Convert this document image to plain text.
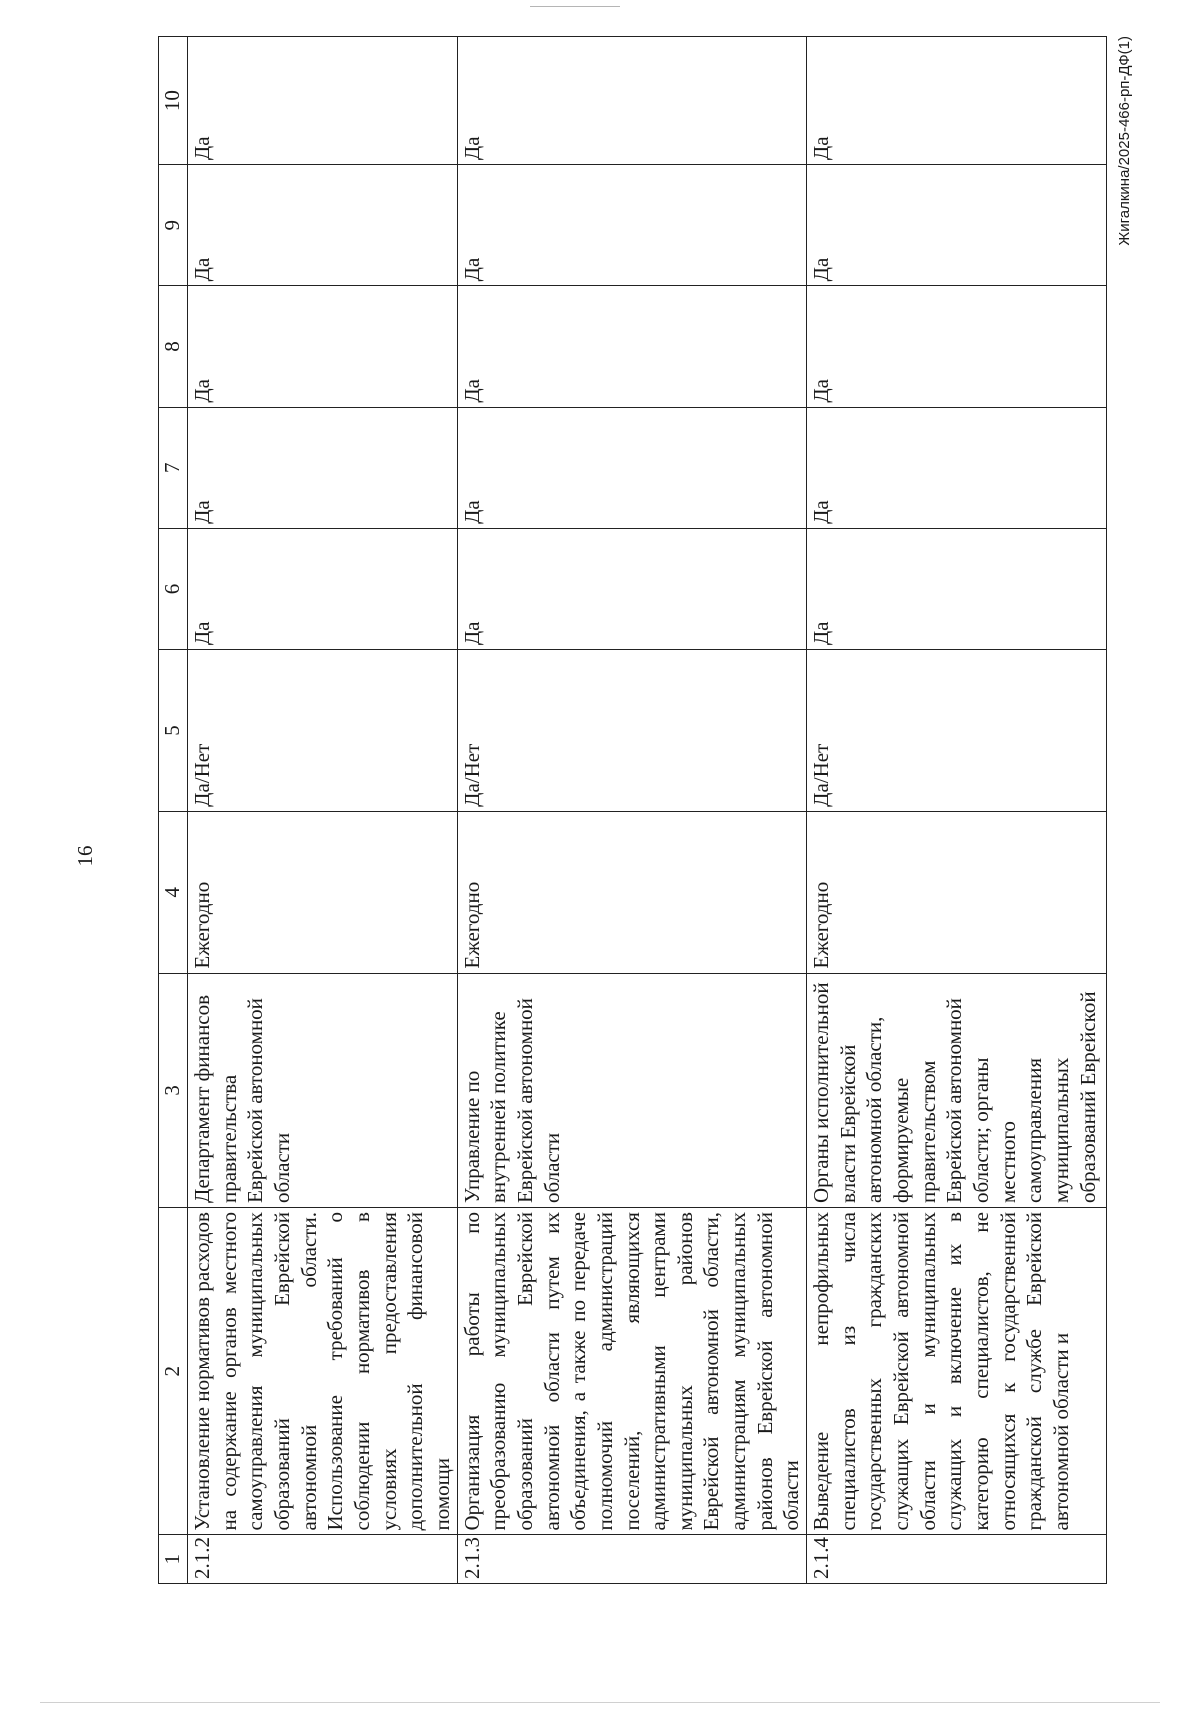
16
1	2	3	4	5	6	7	8	9	10
2.1.2	Установление нормативов расходов на содержание органов местного самоуправления муниципальных образований Еврейской автономной области. Использование требований о соблюдении нормативов в условиях предоставления дополнительной финансовой помощи	Департамент финансов правительства Еврейской автономной области	Ежегодно	Да/Нет	Да	Да	Да	Да	Да
2.1.3	Организация работы по преобразованию муниципальных образований Еврейской автономной области путем их объединения, а также по передаче полномочий администраций поселений, являющихся административными центрами муниципальных районов Еврейской автономной области, администрациям муниципальных районов Еврейской автономной области	Управление по внутренней политике Еврейской автономной области	Ежегодно	Да/Нет	Да	Да	Да	Да	Да
2.1.4	Выведение непрофильных специалистов из числа государственных гражданских служащих Еврейской автономной области и муниципальных служащих и включение их в категорию специалистов, не относящихся к государственной гражданской службе Еврейской автономной области и	Органы исполнительной власти Еврейской автономной области, формируемые правительством Еврейской автономной области; органы местного самоуправления муниципальных образований Еврейской	Ежегодно	Да/Нет	Да	Да	Да	Да	Да	Жигалкина/2025-466-рп-ДФ(1)
